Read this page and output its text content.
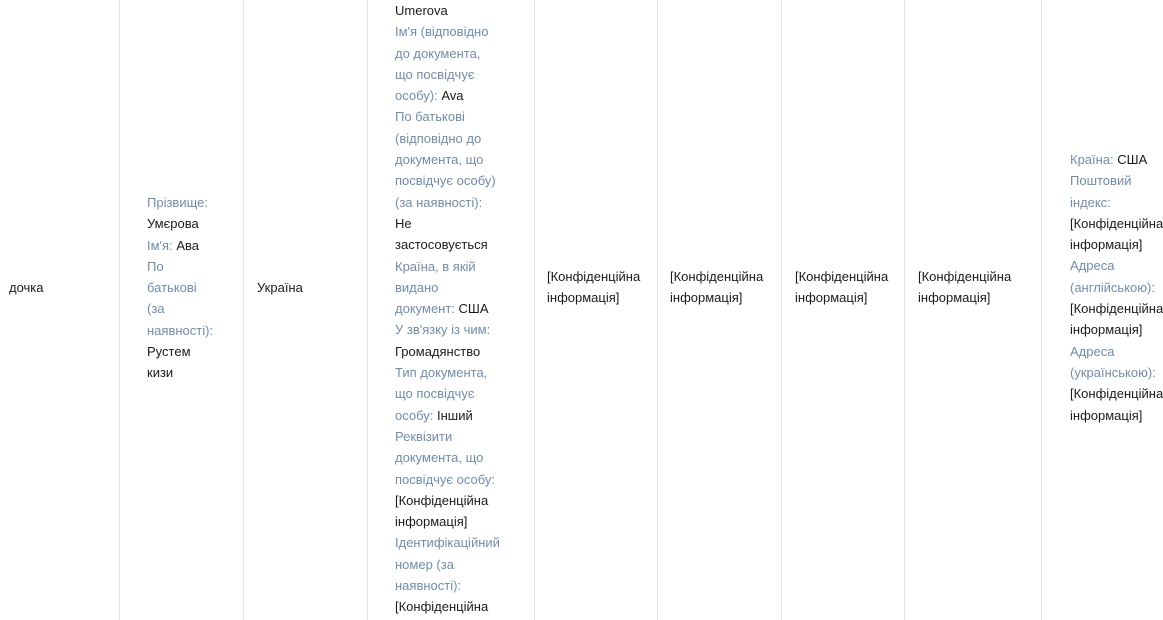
дочка
Прізвище:
Умєрова
Ім'я: Ава
По
батькові
(за
наявності):
Рустем
кизи
Україна
Umerova
Ім'я (відповідно
до документа,
що посвідчує
особу): Ava
По батькові
(відповідно до
документа, що
посвідчує особу)
(за наявності):
Не
застосовується
Країна, в якій
видано
документ: США
У зв'язку із чим:
Громадянство
Тип документа,
що посвідчує
особу: Інший
Реквізити
документа, що
посвідчує особу:
[Конфіденційна
інформація]
Ідентифікаційний
номер (за
наявності):
[Конфіденційна
[Конфіденційна
інформація]
[Конфіденційна
інформація]
[Конфіденційна
інформація]
[Конфіденційна
інформація]
Країна: США
Поштовий
індекс:
[Конфіденційна
інформація]
Адреса
(англійською):
[Конфіденційна
інформація]
Адреса
(українською):
[Конфіденційна
інформація]
